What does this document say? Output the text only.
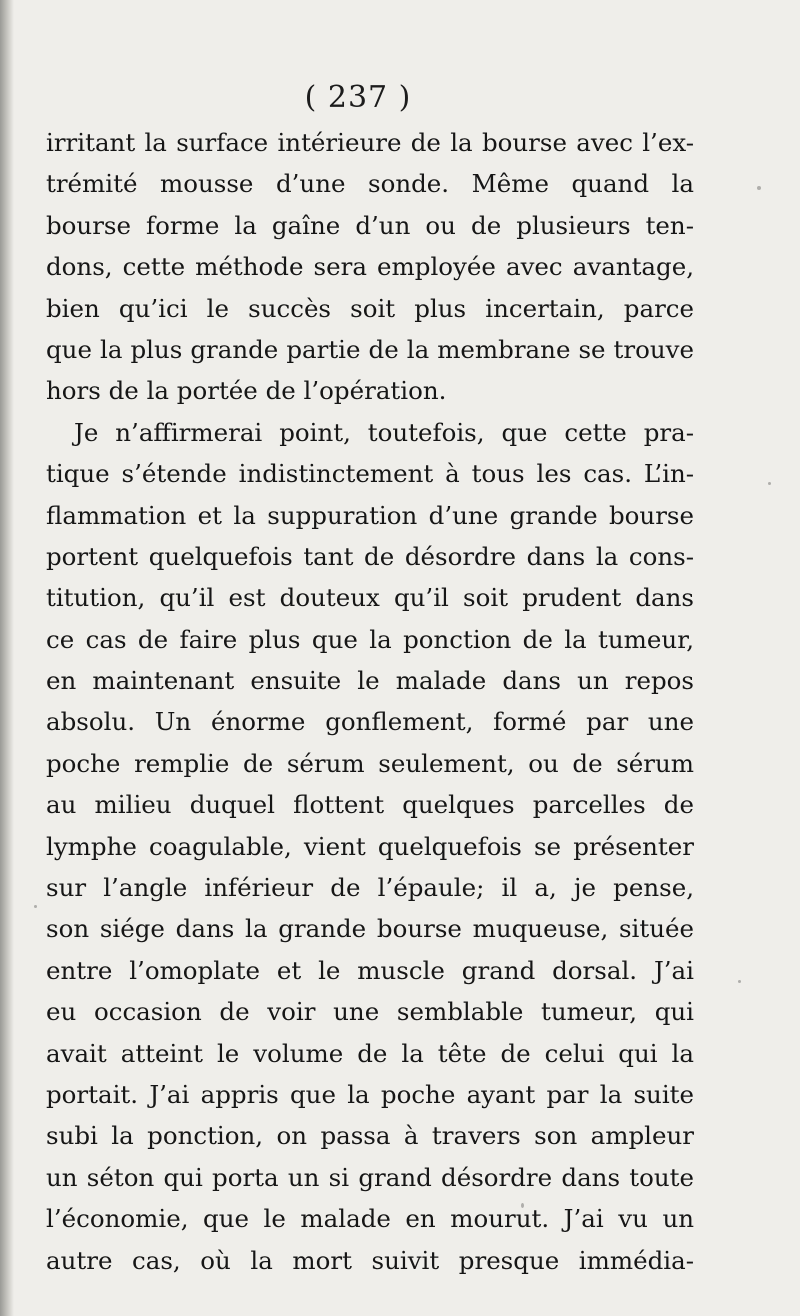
( 237 )
irritant la surface intérieure de la bourse avec l’ex-
trémité mousse d’une sonde. Même quand la
bourse forme la gaîne d’un ou de plusieurs ten-
dons, cette méthode sera employée avec avantage,
bien qu’ici le succès soit plus incertain, parce
que la plus grande partie de la membrane se trouve
hors de la portée de l’opération.
Je n’affirmerai point, toutefois, que cette pra-
tique s’étende indistinctement à tous les cas. L’in-
flammation et la suppuration d’une grande bourse
portent quelquefois tant de désordre dans la cons-
titution, qu’il est douteux qu’il soit prudent dans
ce cas de faire plus que la ponction de la tumeur,
en maintenant ensuite le malade dans un repos
absolu. Un énorme gonflement, formé par une
poche remplie de sérum seulement, ou de sérum
au milieu duquel flottent quelques parcelles de
lymphe coagulable, vient quelquefois se présenter
sur l’angle inférieur de l’épaule; il a, je pense,
son siége dans la grande bourse muqueuse, située
entre l’omoplate et le muscle grand dorsal. J’ai
eu occasion de voir une semblable tumeur, qui
avait atteint le volume de la tête de celui qui la
portait. J’ai appris que la poche ayant par la suite
subi la ponction, on passa à travers son ampleur
un séton qui porta un si grand désordre dans toute
l’économie, que le malade en mourut. J’ai vu un
autre cas, où la mort suivit presque immédia-
